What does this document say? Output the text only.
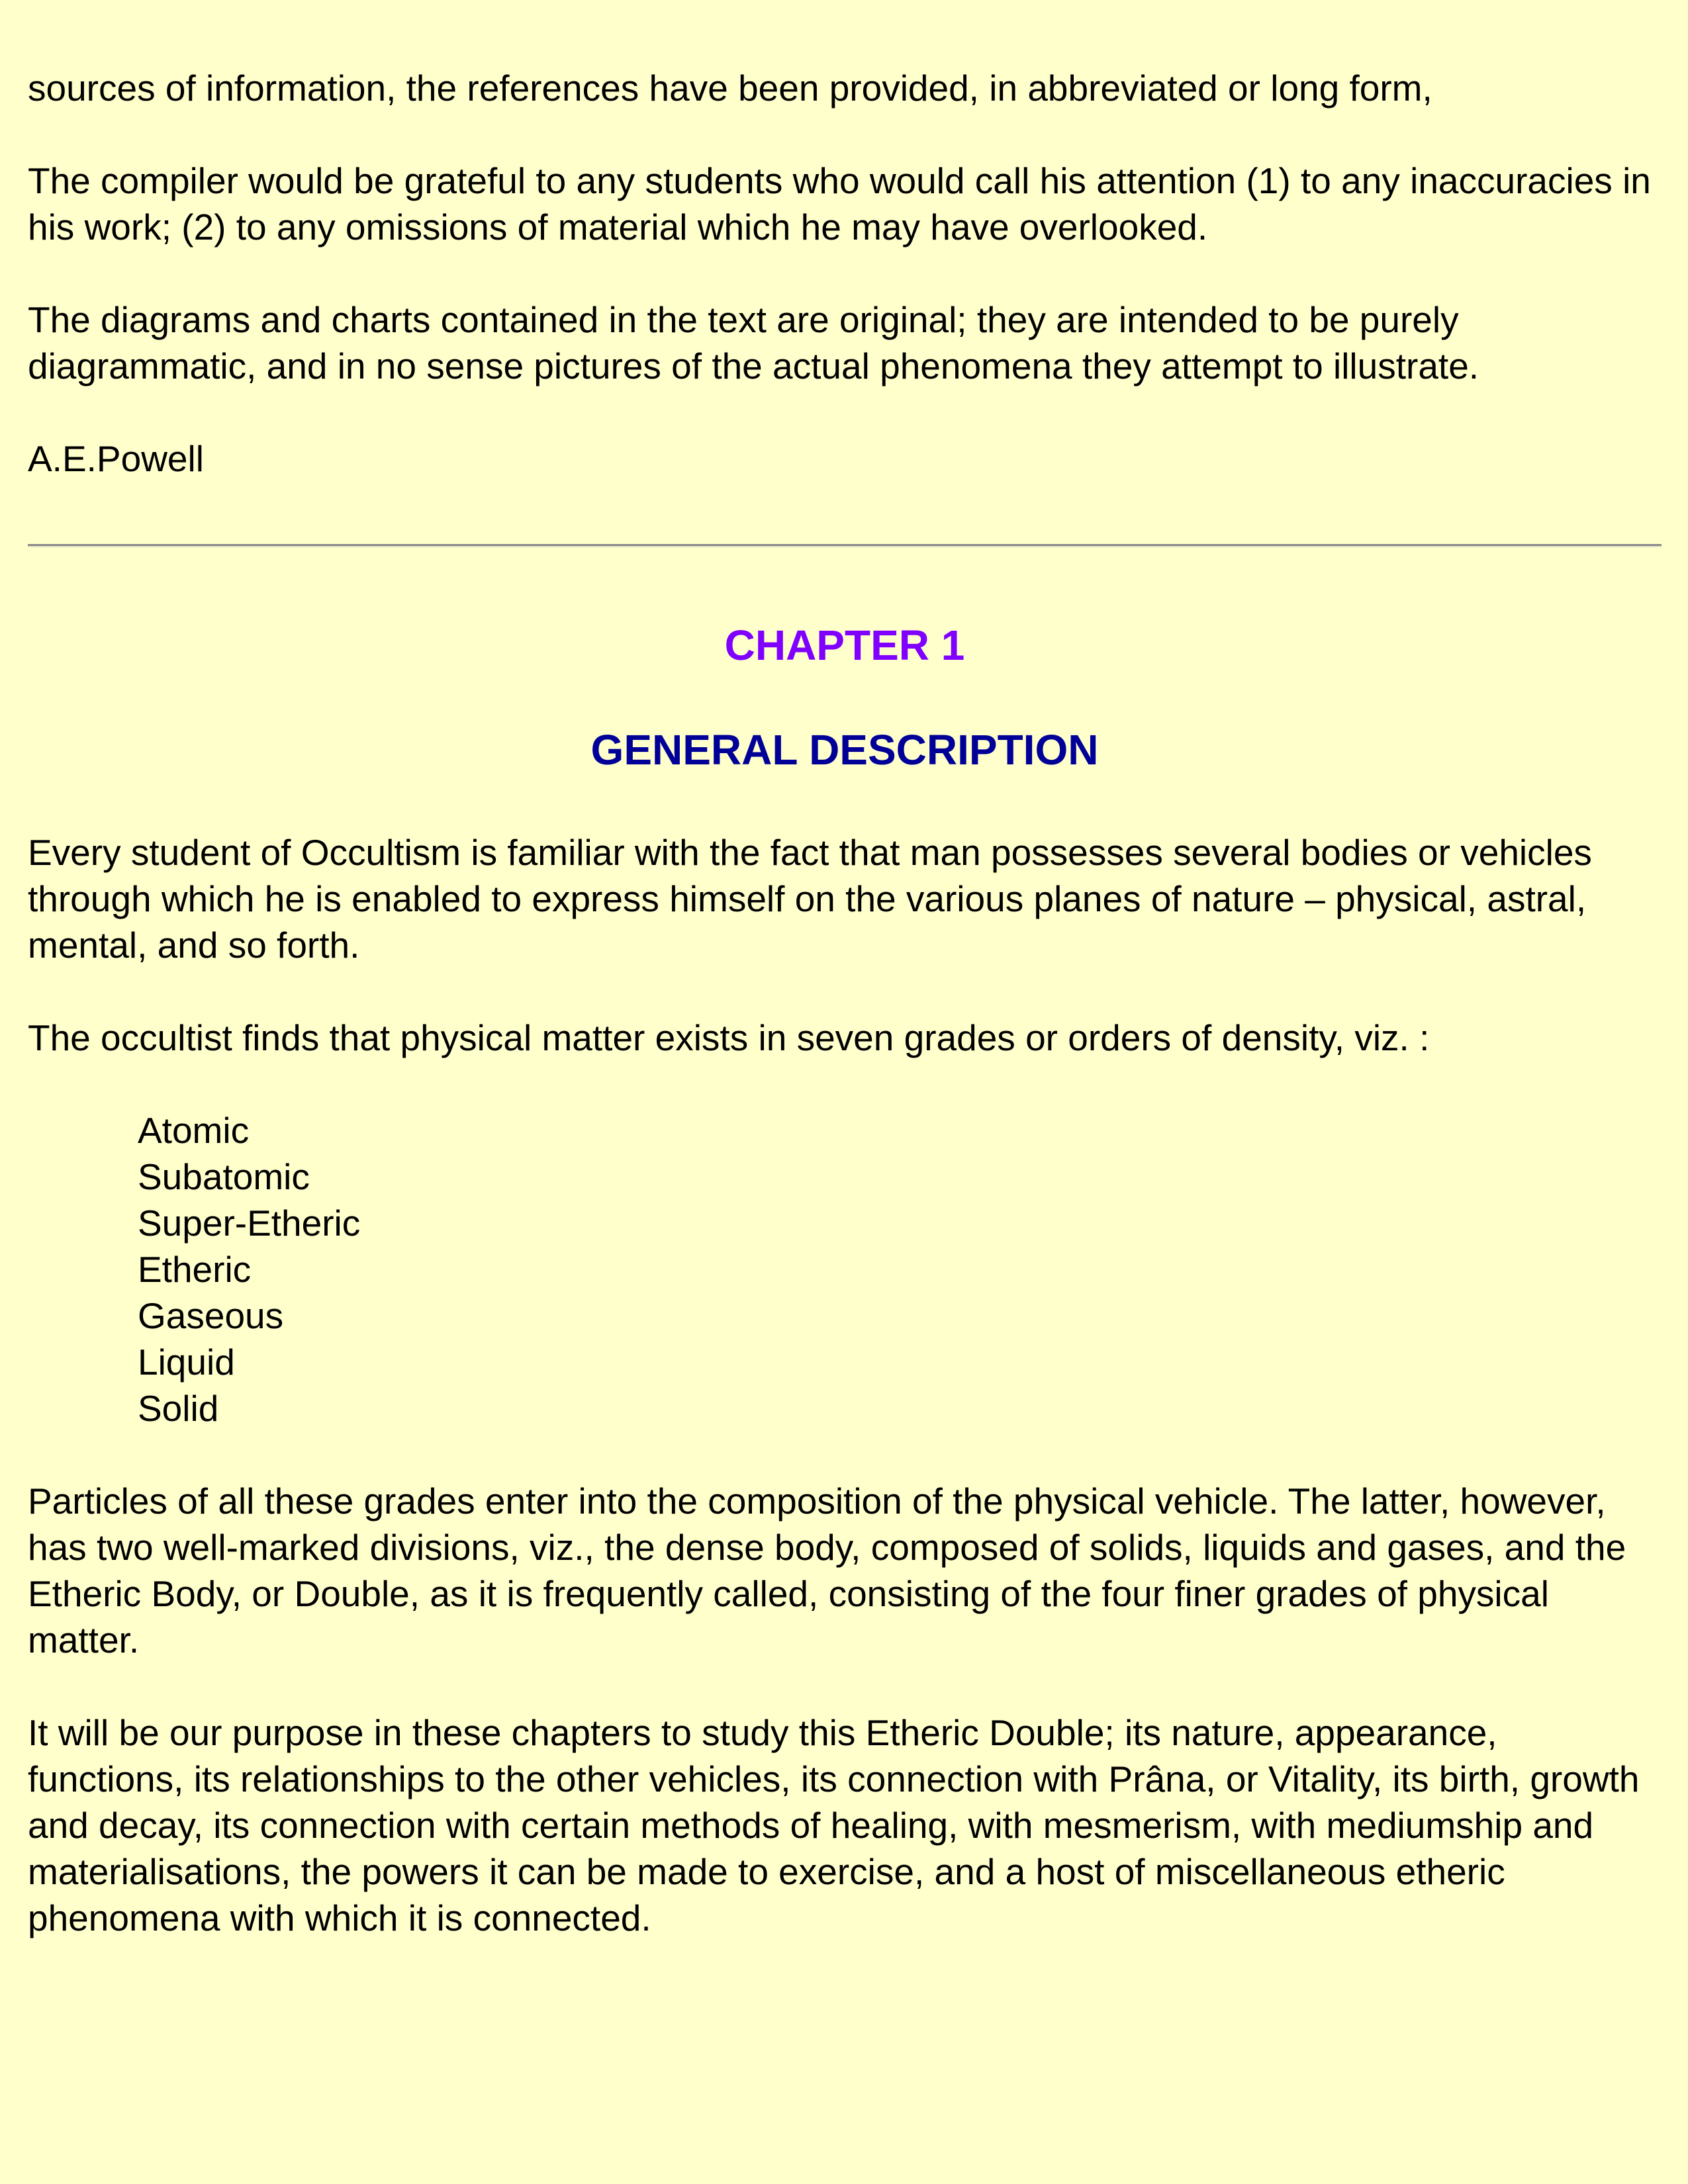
sources of information, the references have been provided, in abbreviated or long form,

The compiler would be grateful to any students who would call his attention (1) to any inaccuracies in his work; (2) to any omissions of material which he may have overlooked.

The diagrams and charts contained in the text are original; they are intended to be purely diagrammatic, and in no sense pictures of the actual phenomena they attempt to illustrate.

A.E.Powell

CHAPTER 1
GENERAL DESCRIPTION

Every student of Occultism is familiar with the fact that man possesses several bodies or vehicles through which he is enabled to express himself on the various planes of nature – physical, astral, mental, and so forth.

The occultist finds that physical matter exists in seven grades or orders of density, viz. :

Atomic
Subatomic
Super-Etheric
Etheric
Gaseous
Liquid
Solid

Particles of all these grades enter into the composition of the physical vehicle. The latter, however, has two well-marked divisions, viz., the dense body, composed of solids, liquids and gases, and the Etheric Body, or Double, as it is frequently called, consisting of the four finer grades of physical matter.

It will be our purpose in these chapters to study this Etheric Double; its nature, appearance, functions, its relationships to the other vehicles, its connection with Prâna, or Vitality, its birth, growth and decay, its connection with certain methods of healing, with mesmerism, with mediumship and materialisations, the powers it can be made to exercise, and a host of miscellaneous etheric phenomena with which it is connected.
